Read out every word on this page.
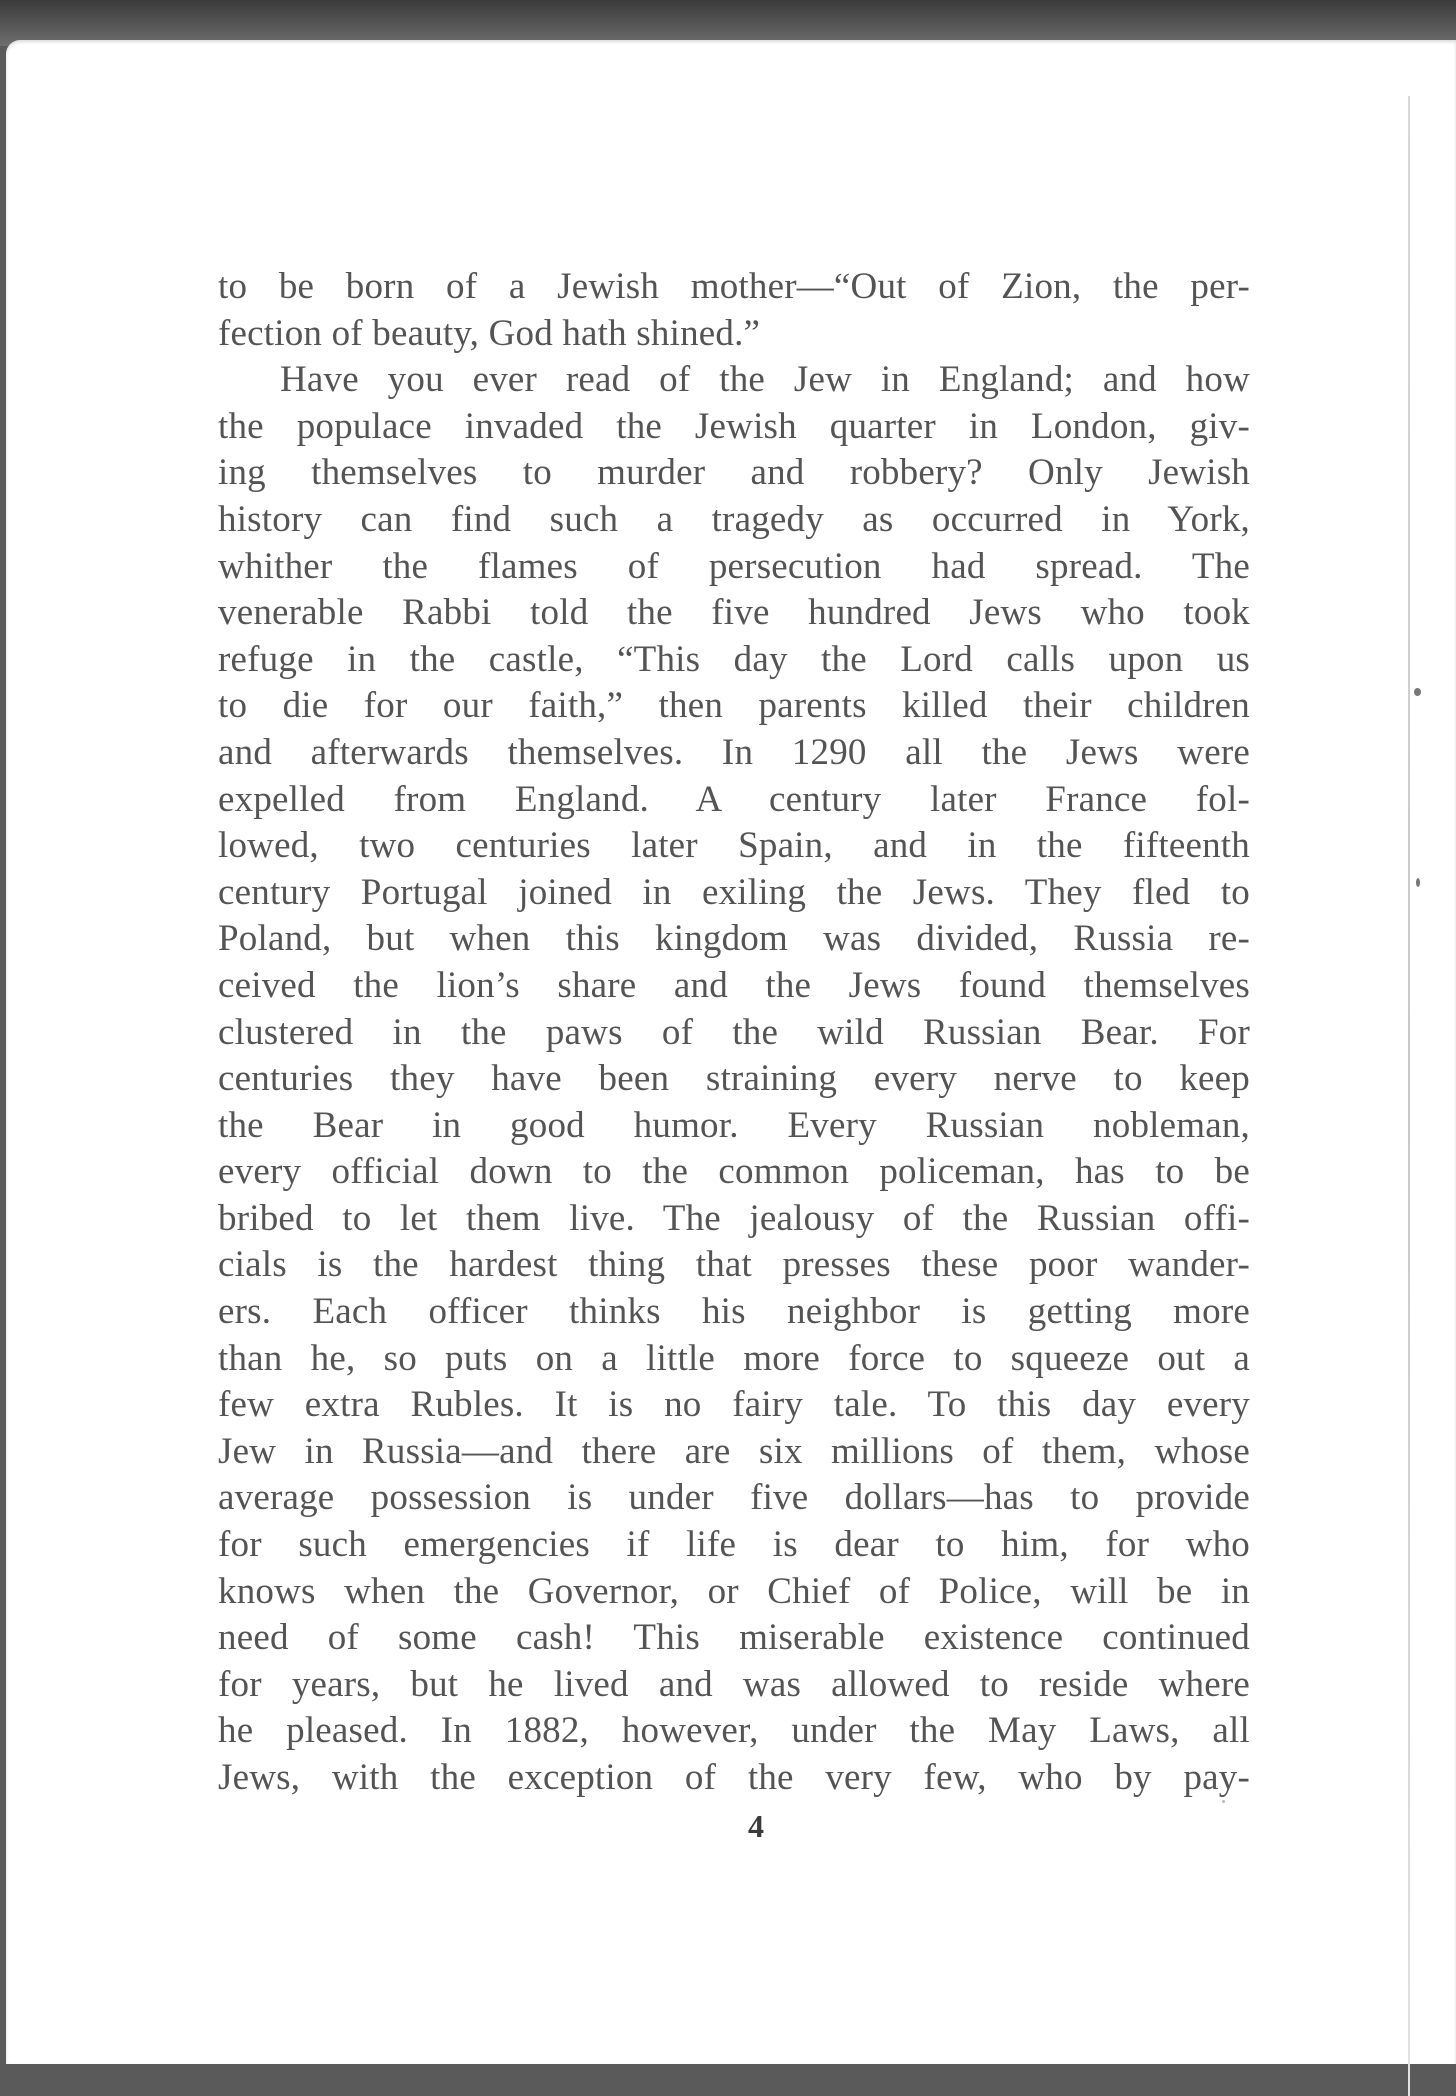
to be born of a Jewish mother—“Out of Zion, the per-
fection of beauty, God hath shined.”
Have you ever read of the Jew in England; and how
the populace invaded the Jewish quarter in London, giv-
ing themselves to murder and robbery? Only Jewish
history can find such a tragedy as occurred in York,
whither the flames of persecution had spread. The
venerable Rabbi told the five hundred Jews who took
refuge in the castle, “This day the Lord calls upon us
to die for our faith,” then parents killed their children
and afterwards themselves. In 1290 all the Jews were
expelled from England. A century later France fol-
lowed, two centuries later Spain, and in the fifteenth
century Portugal joined in exiling the Jews. They fled to
Poland, but when this kingdom was divided, Russia re-
ceived the lion’s share and the Jews found themselves
clustered in the paws of the wild Russian Bear. For
centuries they have been straining every nerve to keep
the Bear in good humor. Every Russian nobleman,
every official down to the common policeman, has to be
bribed to let them live. The jealousy of the Russian offi-
cials is the hardest thing that presses these poor wander-
ers. Each officer thinks his neighbor is getting more
than he, so puts on a little more force to squeeze out a
few extra Rubles. It is no fairy tale. To this day every
Jew in Russia—and there are six millions of them, whose
average possession is under five dollars—has to provide
for such emergencies if life is dear to him, for who
knows when the Governor, or Chief of Police, will be in
need of some cash! This miserable existence continued
for years, but he lived and was allowed to reside where
he pleased. In 1882, however, under the May Laws, all
Jews, with the exception of the very few, who by pay-
4
